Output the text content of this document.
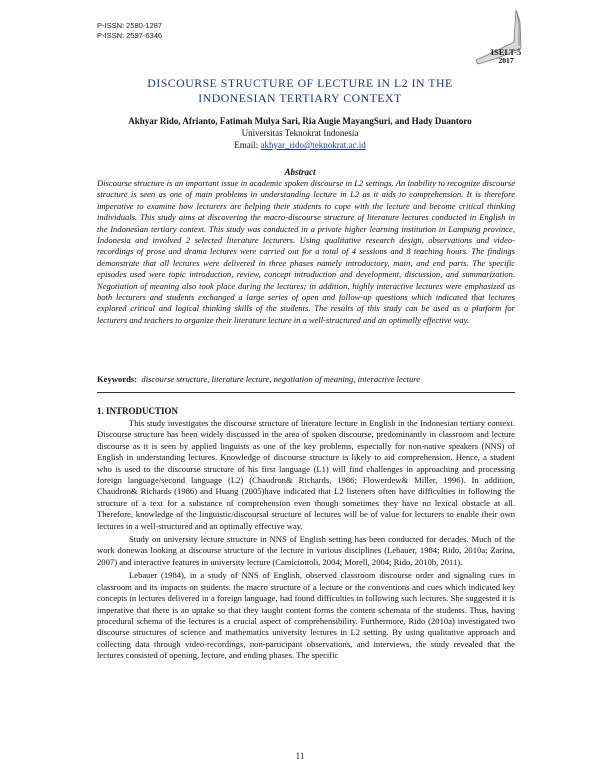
P-ISSN: 2580-1287
P-ISSN: 2597-6346
ISELT-5
2017
DISCOURSE STRUCTURE OF LECTURE IN L2 IN THE
INDONESIAN TERTIARY CONTEXT
Akhyar Rido, Afrianto, Fatimah Mulya Sari, Ria Augie MayangSuri, and Hady Duantoro
Universitas Teknokrat Indonesia
Email: akhyar_rido@teknokrat.ac.id
Abstract

Discourse structure is an important issue in academic spoken discourse in L2 settings. An inability to recognize discourse structure is seen as one of main problems in understanding lecture in L2 as it aids to comprehension. It is therefore imperative to examine how lecturers are helping their students to cope with the lecture and become critical thinking individuals. This study aims at discovering the macro-discourse structure of literature lectures conducted in English in the Indonesian tertiary context. This study was conducted in a private higher learning institution in Lampung province, Indonesia and involved 2 selected literature lecturers. Using qualitative research design, observations and video-recordings of prose and drama lectures were carried out for a total of 4 sessions and 8 teaching hours. The findings demonstrate that all lectures were delivered in three phases namely introductory, main, and end parts. The specific episodes used were topic introduction, review, concept introduction and development, discussion, and summarization. Negotiation of meaning also took place during the lectures; in addition, highly interactive lectures were emphasized as both lecturers and students exchanged a large series of open and follow-up questions which indicated that lectures explored critical and logical thinking skills of the students. The results of this study can be used as a platform for lecturers and teachers to organize their literature lecture in a well-structured and an optimally effective way.

Keywords: discourse structure, literature lecture, negotiation of meaning, interactive lecture
1. INTRODUCTION

This study investigates the discourse structure of literature lecture in English in the Indonesian tertiary context. Discourse structure has been widely discussed in the area of spoken discourse, predominantly in classroom and lecture discourse as it is seen by applied linguists as one of the key problems, especially for non-native speakers (NNS) of English in understanding lectures. Knowledge of discourse structure is likely to aid comprehension. Hence, a student who is used to the discourse structure of his first language (L1) will find challenges in approaching and processing foreign language/second language (L2) (Chaudron& Richards, 1986; Flowerdew& Miller, 1996). In addition, Chaudron& Richards (1986) and Huang (2005)have indicated that L2 listeners often have difficulties in following the structure of a text for a substance of comprehension even though sometimes they have no lexical obstacle at all. Therefore, knowledge of the linguistic/discoursal structure of lectures will be of value for lecturers to enable their own lectures in a well-structured and an optimally effective way.

Study on university lecture structure in NNS of English setting has been conducted for decades. Much of the work donewas looking at discourse structure of the lecture in various disciplines (Lebauer, 1984; Rido, 2010a; Zarina, 2007) and interactive features in university lecture (Camiciottoli, 2004; Morell, 2004; Rido, 2010b, 2011).

Lebauer (1984), in a study of NNS of English, observed classroom discourse order and signaling cues in classroom and its impacts on students. the macro structure of a lecture or the conventions and cues which indicated key concepts in lectures delivered in a foreign language, had found difficulties in following such lectures. She suggested it is imperative that there is an uptake so that they taught content forms the content schemata of the students. Thus, having procedural schema of the lectures is a crucial aspect of comprehensibility. Furthermore, Rido (2010a) investigated two discourse structures of science and mathematics university lectures in L2 setting. By using qualitative approach and collecting data through video-recordings, non-participant observations, and interviews, the study revealed that the lectures consisted of opening, lecture, and ending phases. The specific

11
